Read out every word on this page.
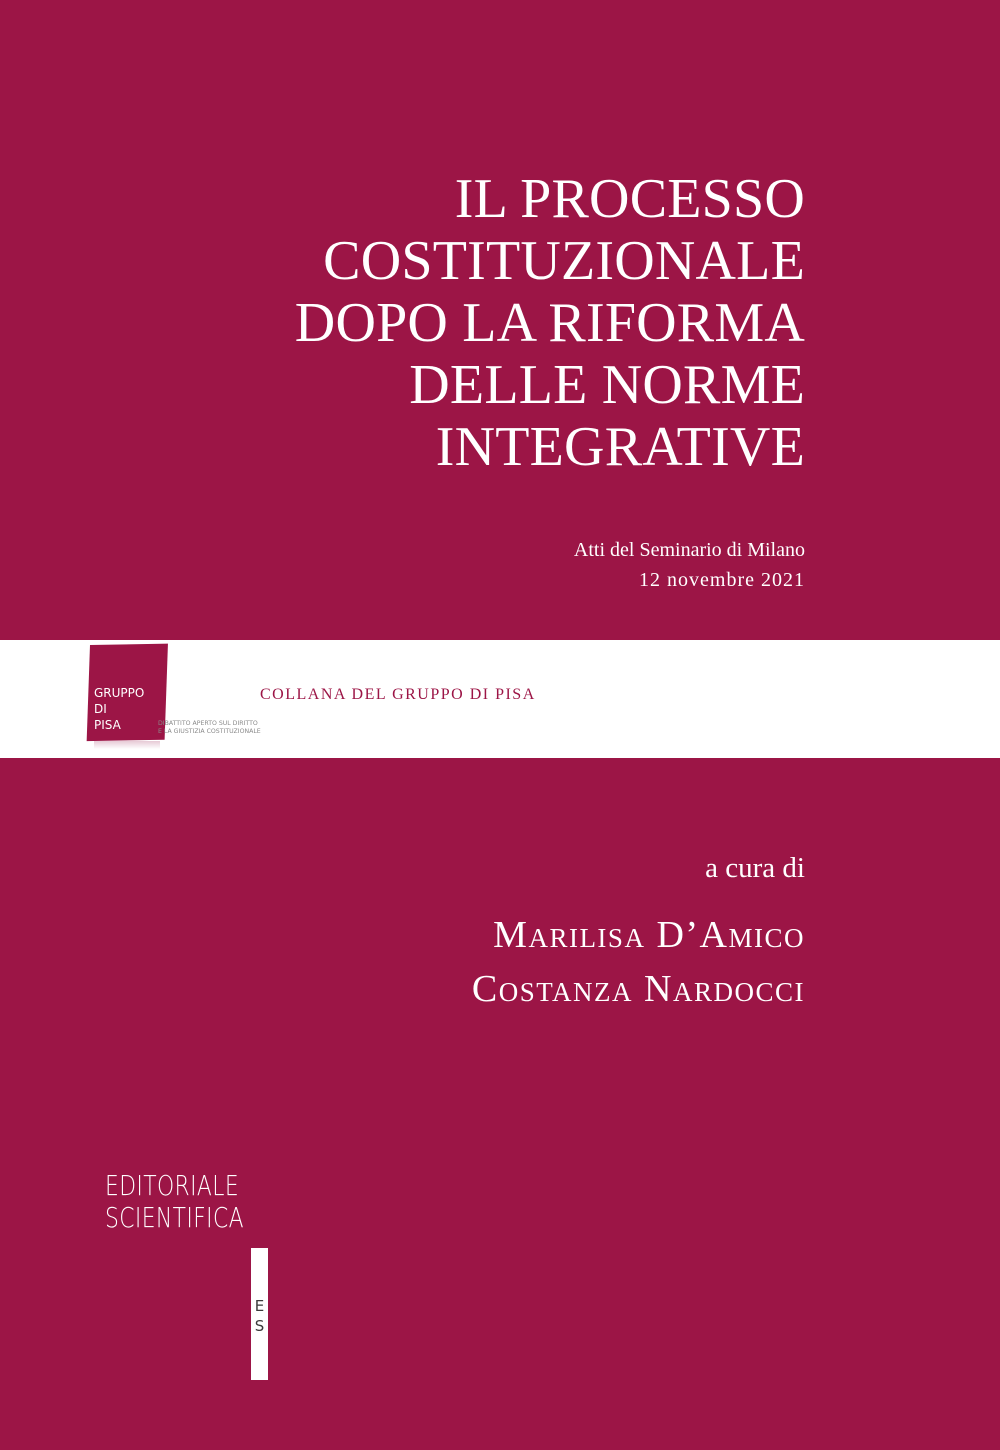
IL PROCESSO
COSTITUZIONALE
DOPO LA RIFORMA
DELLE NORME
INTEGRATIVE
Atti del Seminario di Milano
12 novembre 2021
GRUPPO
DI
PISA	DIBATTITO APERTO SUL DIRITTO
E LA GIUSTIZIA COSTITUZIONALE
COLLANA DEL GRUPPO DI PISA
a cura di
Marilisa D’Amico
Costanza Nardocci
EDITORIALE
SCIENTIFICA
E
S
